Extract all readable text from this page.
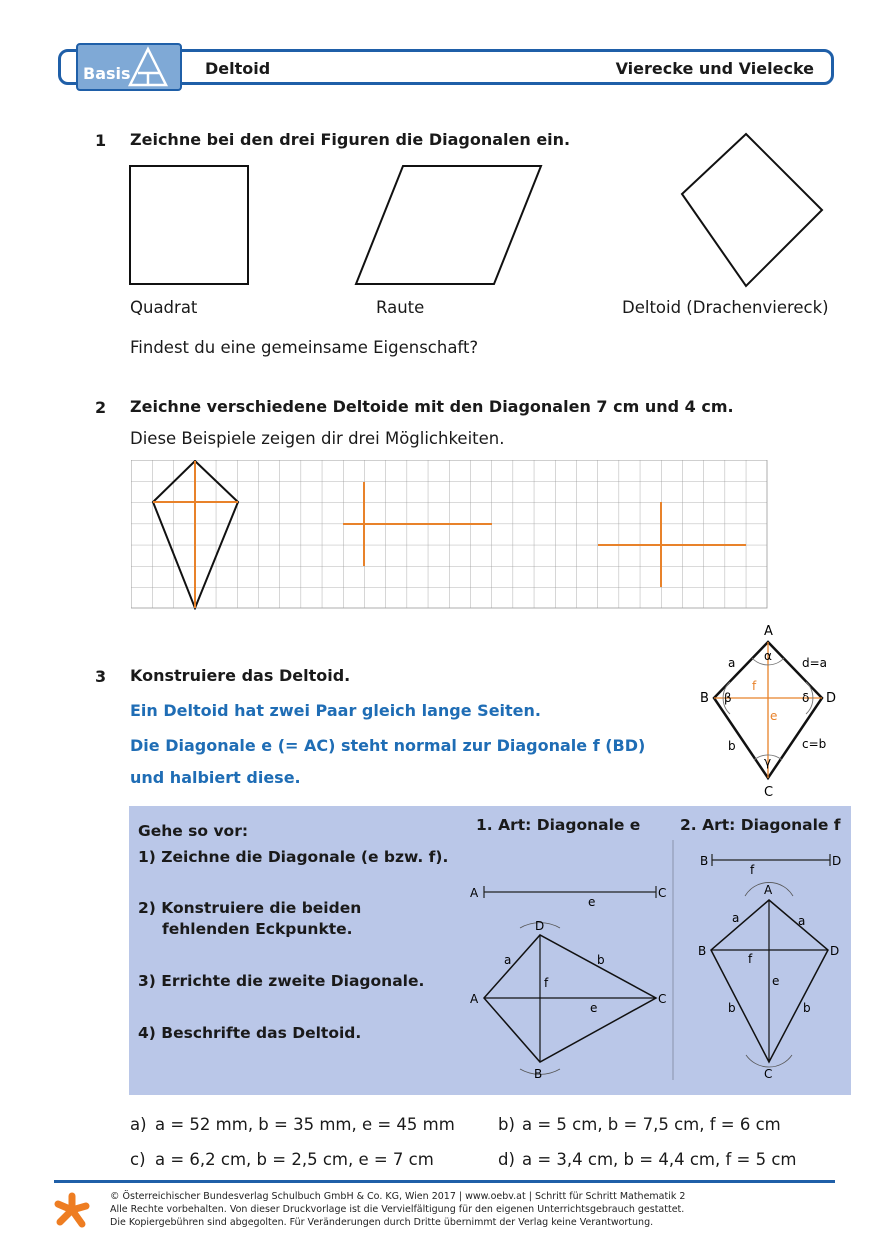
Basis	Deltoid	Vierecke und Vielecke
1 Zeichne bei den drei Figuren die Diagonalen ein.
Quadrat	Raute	Deltoid (Drachenviereck)
Findest du eine gemeinsame Eigenschaft?
2 Zeichne verschiedene Deltoide mit den Diagonalen 7 cm und 4 cm.
Diese Beispiele zeigen dir drei Möglichkeiten.
3 Konstruiere das Deltoid.
Ein Deltoid hat zwei Paar gleich lange Seiten.
Die Diagonale e (= AC) steht normal zur Diagonale f (BD)
und halbiert diese.
A
B
C
D
a	d=a
b	c=b
f
e
α
β
γ
δ
Gehe so vor:
1) Zeichne die Diagonale (e bzw. f).
2) Konstruiere die beiden
fehlenden Eckpunkte.
3) Errichte die zweite Diagonale.
4) Beschrifte das Deltoid.
1. Art: Diagonale e	2. Art: Diagonale f
A	C
e
A	C
D
B
a	b
f
e
B	D
f
A
B
C
D
a	a
b	b
f
e
a) a = 52 mm, b = 35 mm, e = 45 mm	b) a = 5 cm, b = 7,5 cm, f = 6 cm
c) a = 6,2 cm, b = 2,5 cm, e = 7 cm	d) a = 3,4 cm, b = 4,4 cm, f = 5 cm
© Österreichischer Bundesverlag Schulbuch GmbH & Co. KG, Wien 2017 | www.oebv.at | Schritt für Schritt Mathematik 2
Alle Rechte vorbehalten. Von dieser Druckvorlage ist die Vervielfältigung für den eigenen Unterrichtsgebrauch gestattet.
Die Kopiergebühren sind abgegolten. Für Veränderungen durch Dritte übernimmt der Verlag keine Verantwortung.
